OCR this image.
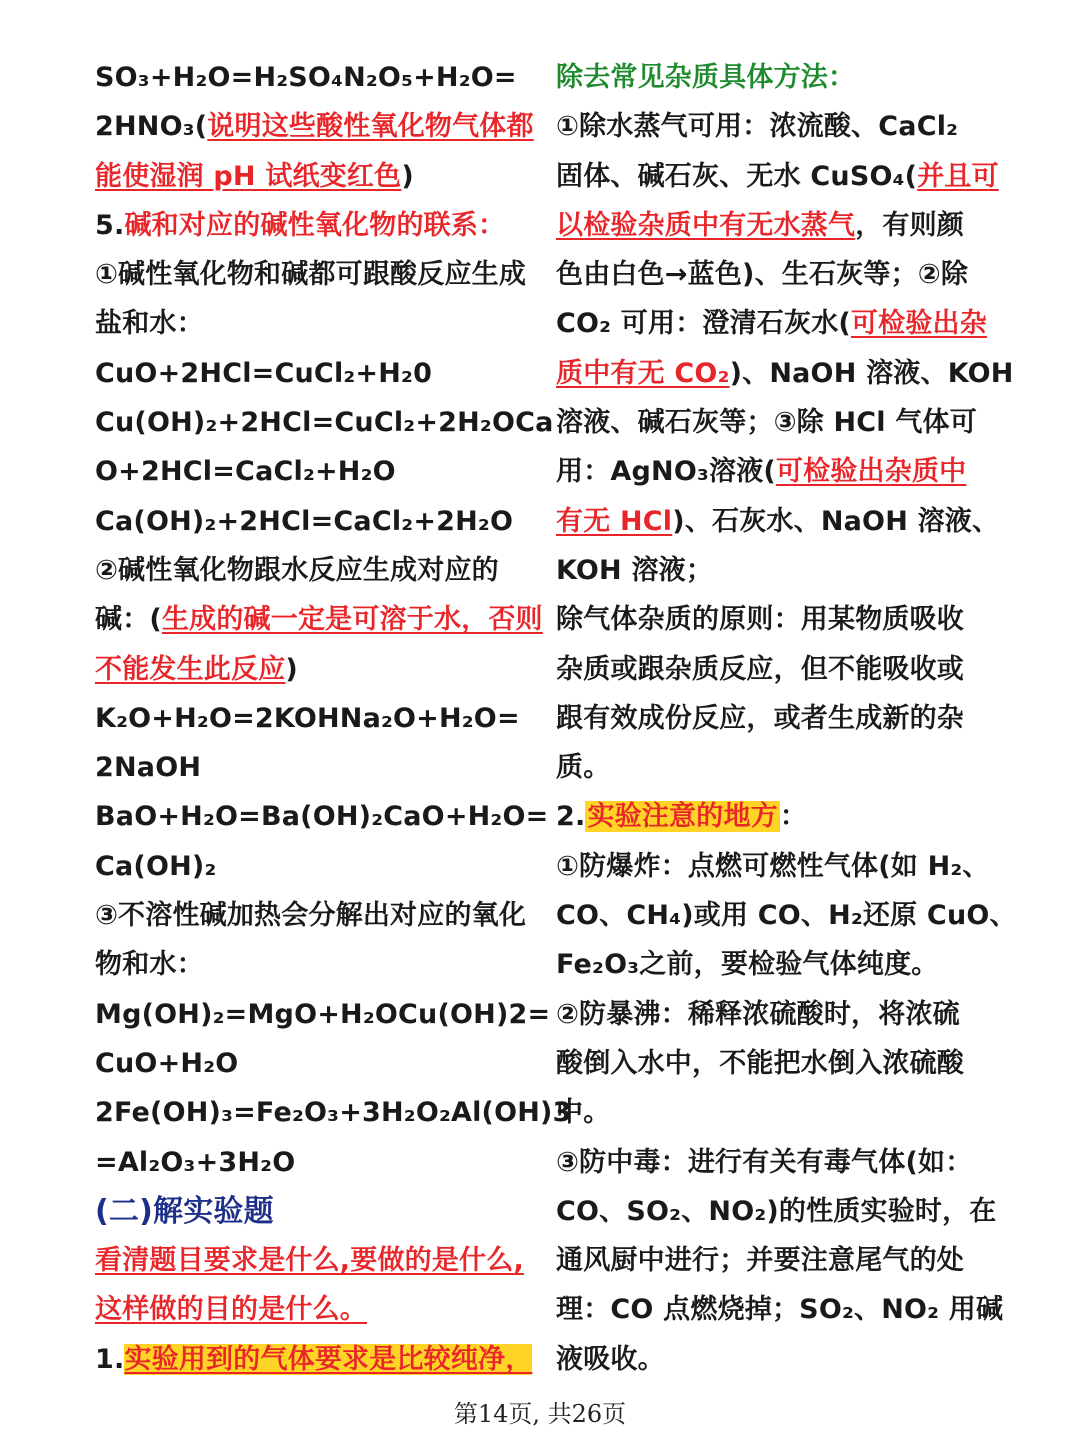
SO₃+H₂O=H₂SO₄N₂O₅+H₂O=
2HNO₃(说明这些酸性氧化物气体都
能使湿润 pH 试纸变红色)
5.碱和对应的碱性氧化物的联系：
①碱性氧化物和碱都可跟酸反应生成
盐和水：
CuO+2HCl=CuCl₂+H₂0
Cu(OH)₂+2HCl=CuCl₂+2H₂OCa
O+2HCl=CaCl₂+H₂O
Ca(OH)₂+2HCl=CaCl₂+2H₂O
②碱性氧化物跟水反应生成对应的
碱：(生成的碱一定是可溶于水，否则
不能发生此反应)
K₂O+H₂O=2KOHNa₂O+H₂O=
2NaOH
BaO+H₂O=Ba(OH)₂CaO+H₂O=
Ca(OH)₂
③不溶性碱加热会分解出对应的氧化
物和水：
Mg(OH)₂=MgO+H₂OCu(OH)2=
CuO+H₂O
2Fe(OH)₃=Fe₂O₃+3H₂O₂Al(OH)3
=Al₂O₃+3H₂O
(二)解实验题
看清题目要求是什么,要做的是什么,
这样做的目的是什么。
1.实验用到的气体要求是比较纯净，
除去常见杂质具体方法：
①除水蒸气可用：浓流酸、CaCl₂
固体、碱石灰、无水 CuSO₄(并且可
以检验杂质中有无水蒸气，有则颜
色由白色→蓝色)、生石灰等；②除
CO₂ 可用：澄清石灰水(可检验出杂
质中有无 CO₂)、NaOH 溶液、KOH
溶液、碱石灰等；③除 HCl 气体可
用：AgNO₃溶液(可检验出杂质中
有无 HCl)、石灰水、NaOH 溶液、
KOH 溶液；
除气体杂质的原则：用某物质吸收
杂质或跟杂质反应，但不能吸收或
跟有效成份反应，或者生成新的杂
质。
2.实验注意的地方：
①防爆炸：点燃可燃性气体(如 H₂、
CO、CH₄)或用 CO、H₂还原 CuO、
Fe₂O₃之前，要检验气体纯度。
②防暴沸：稀释浓硫酸时，将浓硫
酸倒入水中，不能把水倒入浓硫酸
中。
③防中毒：进行有关有毒气体(如：
CO、SO₂、NO₂)的性质实验时，在
通风厨中进行；并要注意尾气的处
理：CO 点燃烧掉；SO₂、NO₂ 用碱
液吸收。
第14页, 共26页
